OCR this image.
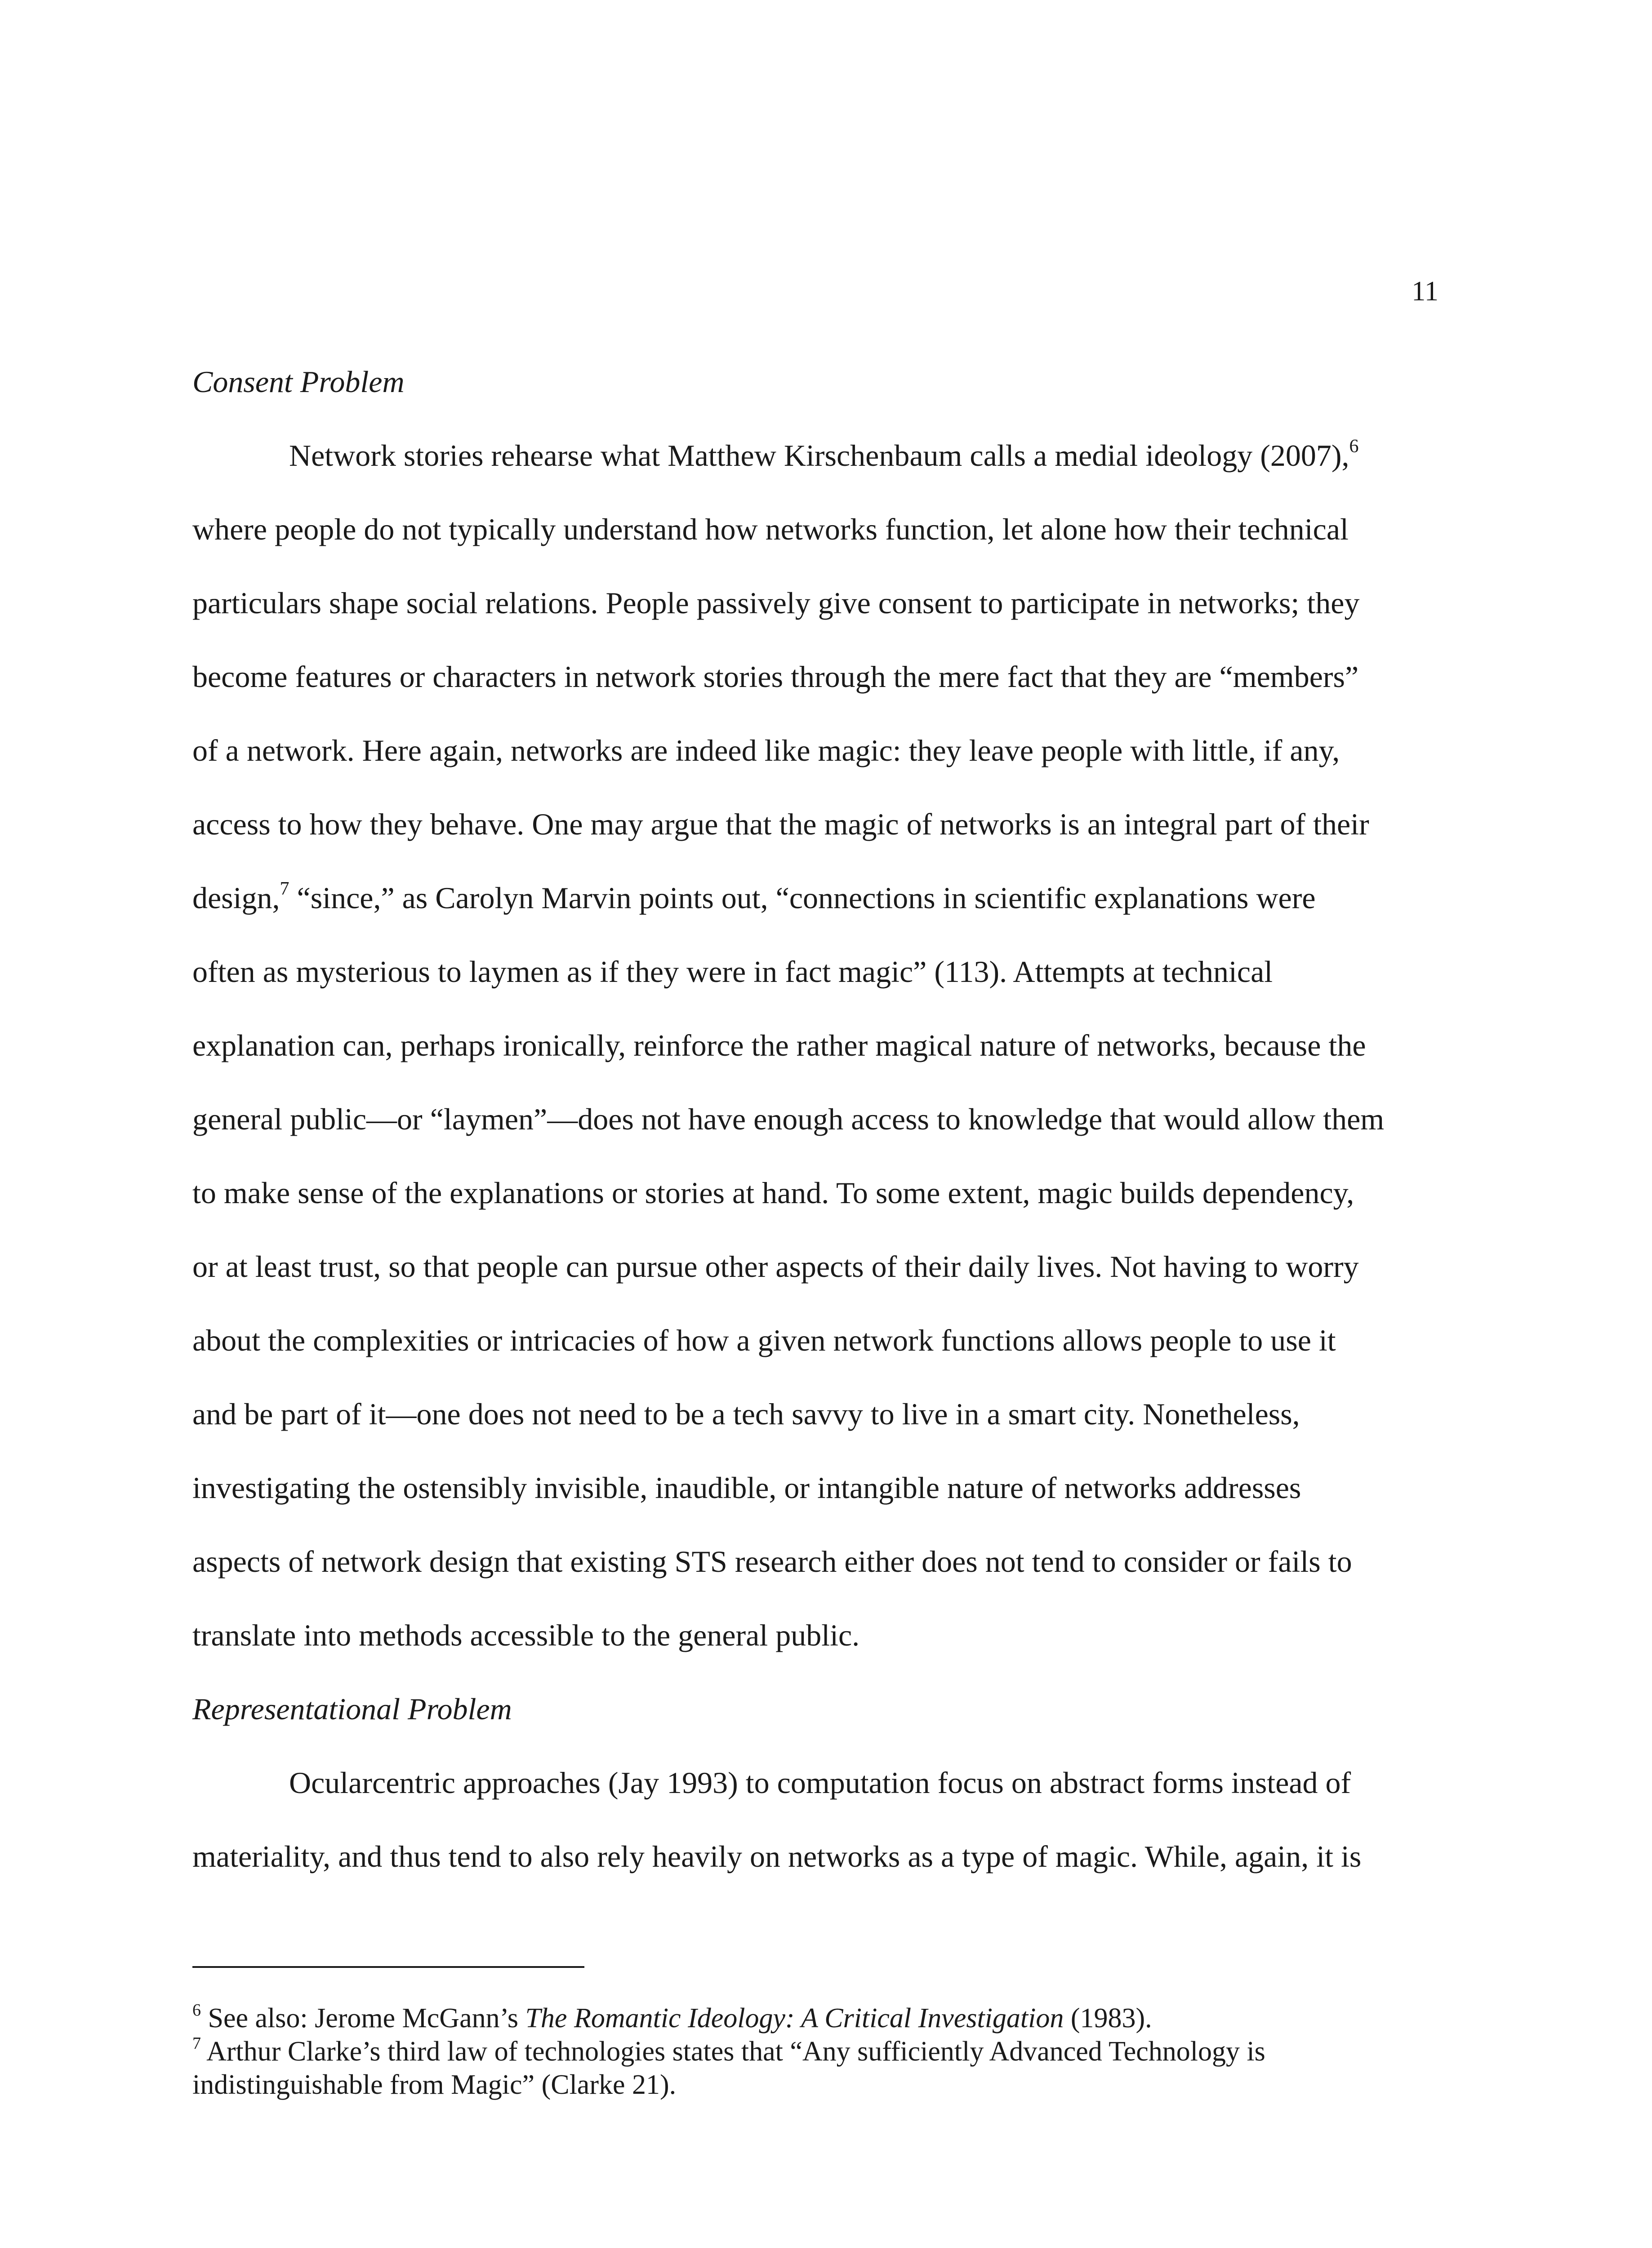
11
Consent Problem
Network stories rehearse what Matthew Kirschenbaum calls a medial ideology (2007),$^6$
where people do not typically understand how networks function, let alone how their technical
particulars shape social relations. People passively give consent to participate in networks; they
become features or characters in network stories through the mere fact that they are “members”
of a network. Here again, networks are indeed like magic: they leave people with little, if any,
access to how they behave. One may argue that the magic of networks is an integral part of their
design,$^7$ “since,” as Carolyn Marvin points out, “connections in scientific explanations were
often as mysterious to laymen as if they were in fact magic” (113). Attempts at technical
explanation can, perhaps ironically, reinforce the rather magical nature of networks, because the
general public—or “laymen”—does not have enough access to knowledge that would allow them
to make sense of the explanations or stories at hand. To some extent, magic builds dependency,
or at least trust, so that people can pursue other aspects of their daily lives. Not having to worry
about the complexities or intricacies of how a given network functions allows people to use it
and be part of it—one does not need to be a tech savvy to live in a smart city. Nonetheless,
investigating the ostensibly invisible, inaudible, or intangible nature of networks addresses
aspects of network design that existing STS research either does not tend to consider or fails to
translate into methods accessible to the general public.
Representational Problem
Ocularcentric approaches (Jay 1993) to computation focus on abstract forms instead of
materiality, and thus tend to also rely heavily on networks as a type of magic. While, again, it is
$^6$ See also: Jerome McGann’s The Romantic Ideology: A Critical Investigation (1983).
$^7$ Arthur Clarke’s third law of technologies states that “Any sufficiently Advanced Technology is
indistinguishable from Magic” (Clarke 21).
